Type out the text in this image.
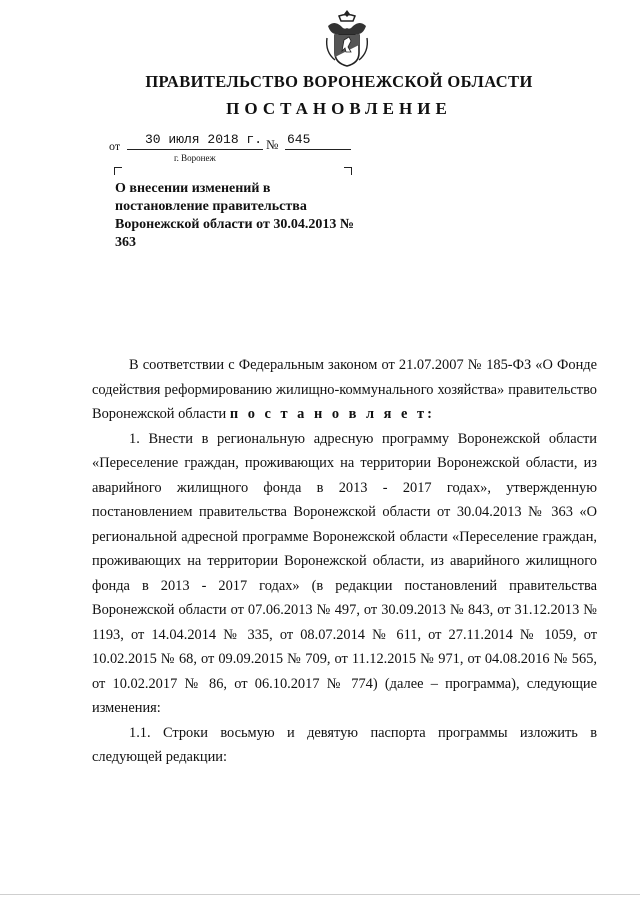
ПРАВИТЕЛЬСТВО ВОРОНЕЖСКОЙ ОБЛАСТИ
ПОСТАНОВЛЕНИЕ
от 30 июля 2018 г. № 645
г. Воронеж

О внесении изменений в постановление правительства Воронежской области от 30.04.2013 № 363

В соответствии с Федеральным законом от 21.07.2007 № 185-ФЗ «О Фонде содействия реформированию жилищно-коммунального хозяйства» правительство Воронежской области п о с т а н о в л я е т:

1. Внести в региональную адресную программу Воронежской области «Переселение граждан, проживающих на территории Воронежской области, из аварийного жилищного фонда в 2013 - 2017 годах», утвержденную постановлением правительства Воронежской области от 30.04.2013 № 363 «О региональной адресной программе Воронежской области «Переселение граждан, проживающих на территории Воронежской области, из аварийного жилищного фонда в 2013 - 2017 годах» (в редакции постановлений правительства Воронежской области от 07.06.2013 № 497, от 30.09.2013 № 843, от 31.12.2013 № 1193, от 14.04.2014 № 335, от 08.07.2014 № 611, от 27.11.2014 № 1059, от 10.02.2015 № 68, от 09.09.2015 № 709, от 11.12.2015 № 971, от 04.08.2016 № 565, от 10.02.2017 № 86, от 06.10.2017 № 774) (далее – программа), следующие изменения:

1.1. Строки восьмую и девятую паспорта программы изложить в следующей редакции:
